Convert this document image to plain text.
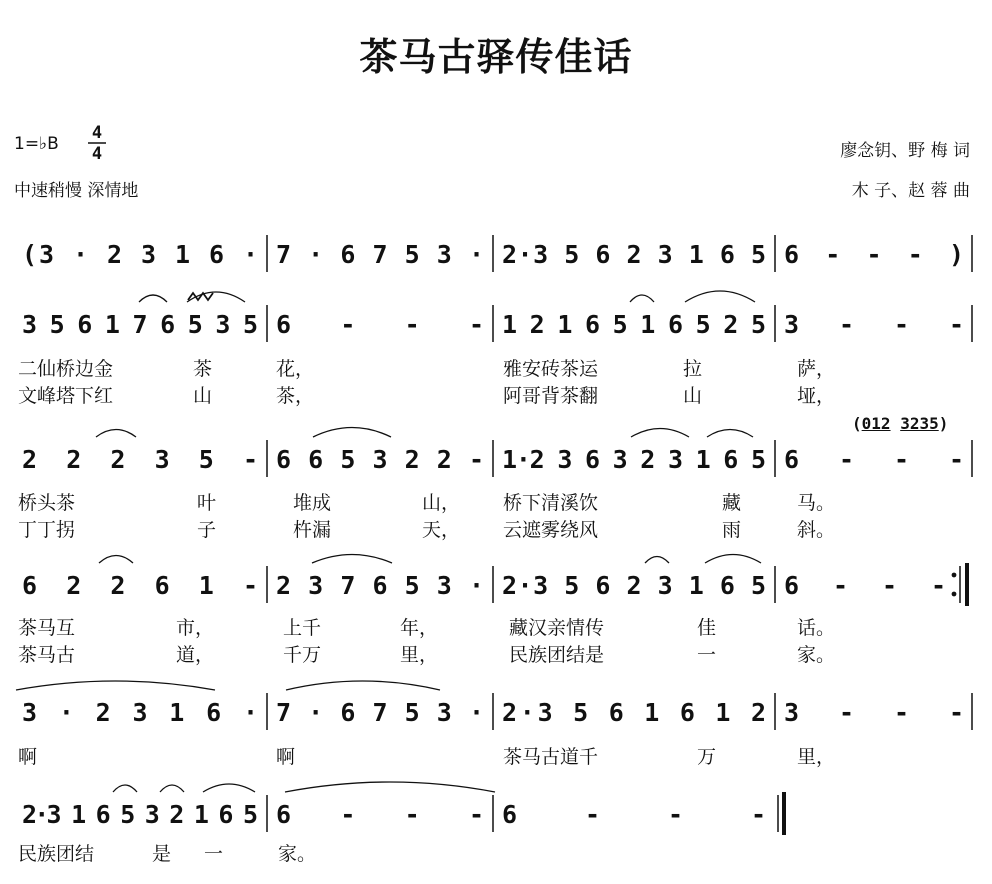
茶马古驿传佳话
1=♭B
4
4
中速稍慢 深情地
廖念钥、野 梅 词
木 子、赵 蓉 曲
(3 · 2 3 1 6 · 7 · 6 7 5 3 · 2·3 5 6 2 3 1 6 5 6 - - - )
3 5 6 1 7 6 5 3 5 6 - - - 1 2 1 6 5 1 6 5 2 5 3 - - -
2 2 2 3 5 - 6 6 5 3 2 2 - 1·2 3 6 3 2 3 1 6 5 6 - - -
6 2 2 6 1 - 2 3 7 6 5 3 · 2·3 5 6 2 3 1 6 5 6 - - -
3 · 2 3 1 6 · 7 · 6 7 5 3 · 2·3 5 6 1 6 1 2 3 - - -
2·3 1 6 5 3 2 1 6 5 6 - - - 6 - - -
(012 3235)
二仙桥边金	茶	花，	雅安砖茶运	拉	萨，
文峰塔下红	山	茶，	阿哥背茶翻	山	垭，
桥头茶	叶	堆成	山， 桥下清溪饮	藏	马。
丁丁拐	子	杵漏	天， 云遮雾绕风	雨	斜。
茶马互	市，	上千	年，	藏汉亲情传	佳	话。
茶马古	道，	千万	里，	民族团结是	一	家。
啊	啊	茶马古道千	万	里，
民族团结	是 一	家。
